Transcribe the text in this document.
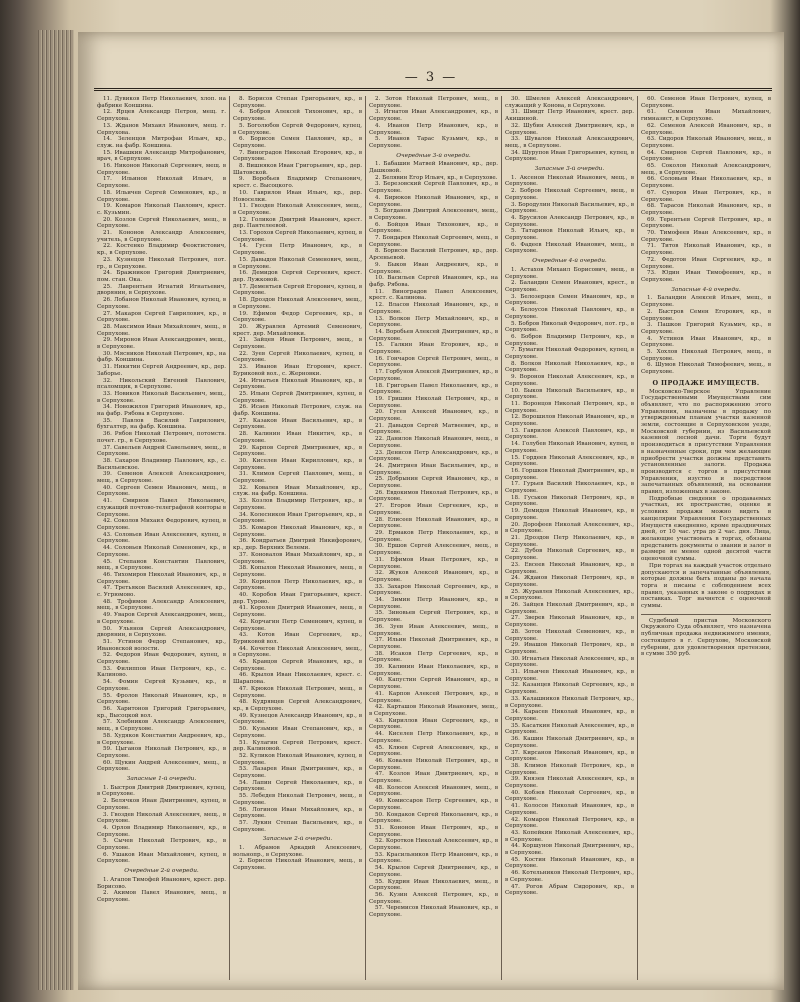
— 3 —
11. Дувиков Петр Николаевич, хлоп. на фабрике Коншина.
12. Ярцев Александр Петров, мещ. г. Серпухова.
13. Жданов Михаил Иванович, мещ. г. Серпухова.
14. Зеленцов Митрофан Ильич, кр., служ. на фабр. Коншина.
15. Ивашкин Александр Митрофанович, врач, в Серпухове.
16. Никонов Николай Сергеевич, мещ. в Серпухове.
17. Ильинов Николай Ильич, в Серпухове.
18. Ильичев Сергей Семенович, кр., в Серпухове.
19. Комаров Николай Павлович, крест. с. Кузьмин.
20. Козлов Сергей Николаевич, мещ., в Серпухове.
21. Кононов Александр Алексеевич, учитель, в Серпухове.
22. Костенко Владимир Феоктистович, кр., в Серпухове.
23. Кузнецов Николай Петрович, пот. гр., в Серпухове.
24. Бражников Григорий Дмитриевич, пом. стан. Ока.
25. Лаврентьев Игнатий Игнатьевич, дворянин, в Серпухове.
26. Лобанов Николай Иванович, купец, в Серпухове.
27. Макаров Сергей Гаврилович, кр., в Серпухове.
28. Максимов Иван Михайлович, мещ., в Серпухове.
29. Миронов Иван Александрович, мещ., в Серпухове.
30. Мясников Николай Петрович, кр., на фабр. Коншина.
31. Никитин Сергей Андреевич, кр., дер. Заборье.
32. Никольский Евгений Павлович, псаломщик, в Серпухове.
33. Новиков Николай Васильевич, мещ., в Серпухове.
34. Новожилов Григорий Иванович, кр., на фабр. Рябова в Серпухове.
35. Павлов Василий Гаврилович, бухгалтер, на фабр. Коншина.
36. Рябов Николай Петрович, потомств. почет. гр., в Серпухове.
37. Савельев Андрей Савельевич, мещ., в Серпухове.
38. Сахаров Владимир Павлович, кр., с. Васильевское.
39. Семенов Алексей Александрович, мещ., в Серпухове.
40. Сергеев Семен Иванович, мещ., в Серпухове.
41. Смирнов Павел Николаевич, служащий почтово-телеграфной конторы в Серпухове.
42. Соколов Михаил Федорович, купец, в Серпухове.
43. Соловьев Иван Алексеевич, купец, в Серпухове.
44. Соловьев Николай Семенович, кр., в Серпухове.
45. Степанов Константин Павлович, мещ., в Серпухове.
46. Тихомиров Николай Иванович, кр., в Серпухове.
47. Третьяков Василий Алексеевич, кр., с. Угрюмово.
48. Трофимов Александр Алексеевич, мещ., в Серпухове.
49. Уваров Сергей Александрович, мещ., в Серпухове.
50. Ульянов Сергей Александрович, дворянин, в Серпухове.
51. Устинов Федор Степанович, кр., Ивановской волости.
52. Федоров Иван Федорович, купец, в Серпухове.
53. Филиппов Иван Петрович, кр., с. Калиново.
54. Фомин Сергей Кузьмич, кр., в Серпухове.
55. Фролов Николай Иванович, кр., в Серпухове.
56. Харитонов Григорий Григорьевич, кр., Высоцкой вол.
57. Хлебников Александр Алексеевич, мещ., в Серпухове.
58. Худяков Константин Андреевич, кр., в Серпухове.
59. Цыганов Николай Петрович, кр., в Серпухове.
60. Щукин Андрей Алексеевич, мещ., в Серпухове.
Запасные 1-й очереди.
1. Быстров Дмитрий Дмитриевич, купец, в Серпухове.
2. Белячков Иван Дмитриевич, купец, в Серпухове.
3. Гвоздев Николай Алексеевич, мещ., в Серпухове.
4. Орлов Владимир Николаевич, кр., в Серпухове.
5. Сычев Николай Петрович, кр., в Серпухове.
6. Ушаков Иван Михайлович, купец, в Серпухове.
Очередные 2-й очереди.
1. Агапов Тимофей Иванович, крест. дер. Борисово.
2. Акимов Павел Иванович, мещ., в Серпухове.
8. Борисов Степан Григорьевич, кр., в Серпухове.
4. Бобров Алексей Тихонович, кр., в Серпухове.
5. Боголюбов Сергей Федорович, купец, в Серпухове.
6. Борисов Семен Павлович, кр., в Серпухове.
7. Виноградов Николай Егорович, кр., в Серпухове.
8. Вишняков Иван Григорьевич, кр., дер. Шатовской.
9. Воробьев Владимир Степанович, крест. с. Высоцкого.
10. Гаврилов Иван Ильич, кр., дер. Новоселки.
11. Гвоздев Николай Алексеевич, мещ., в Серпухове.
12. Голиков Дмитрий Иванович, крест. дер. Пантелеевой.
13. Горохов Сергей Николаевич, купец, в Серпухове.
14. Гусев Петр Иванович, кр., в Серпухове.
15. Давыдов Николай Семенович, мещ., в Серпухове.
16. Демидов Сергей Сергеевич, крест. дер. Лужковой.
17. Дементьев Сергей Егорович, купец, в Серпухове.
18. Дроздов Николай Алексеевич, мещ., в Серпухове.
19. Ефимов Федор Сергеевич, кр., в Серпухове.
20. Журавлев Артемий Семенович, крест. дер. Михайловки.
21. Зайцев Иван Петрович, мещ., в Серпухове.
22. Зуев Сергей Николаевич, купец, в Серпухове.
23. Иванов Иван Егорович, крест. Буриковой вол., с. Жерновки.
24. Игнатьев Николай Иванович, кр., в Серпухове.
25. Ильин Сергей Дмитриевич, купец, в Серпухове.
26. Исаев Николай Петрович, служ. на фабр. Коншина.
27. Казаков Иван Васильевич, кр., в Серпухове.
28. Калинин Иван Никитич, кр., в Серпухове.
29. Карпов Сергей Дмитриевич, кр., в Серпухове.
30. Киселев Иван Кириллович, кр., в Серпухове.
31. Климов Сергей Павлович, мещ., в Серпухове.
32. Ковалев Иван Михайлович, кр., служ. на фабр. Коншина.
33. Козлов Владимир Петрович, кр., в Серпухове.
34. Колесников Иван Григорьевич, кр., в Серпухове.
35. Комаров Николай Иванович, кр., в Серпухове.
36. Кондратьев Дмитрий Никифорович, кр., дер. Верхних Велеми.
37. Коновалов Иван Михайлович, кр., в Серпухове.
38. Копылов Николай Иванович, мещ., в Серпухове.
39. Корнилов Петр Николаевич, кр., в Серпухове.
40. Коробов Иван Григорьевич, крест. дер. Турово.
41. Королев Дмитрий Иванович, мещ., в Серпухове.
42. Корчагин Петр Семенович, купец, в Серпухове.
43. Котов Иван Сергеевич, кр., Буриковой вол.
44. Кочетов Николай Алексеевич, мещ., в Серпухове.
45. Кравцов Сергей Иванович, кр., в Серпухове.
46. Крылов Иван Николаевич, крест. с. Шарапова.
47. Крюков Николай Петрович, мещ., в Серпухове.
48. Кудрявцев Сергей Александрович, кр., в Серпухове.
49. Кузнецов Александр Иванович, кр., в Серпухове.
50. Кузьмин Иван Степанович, кр., в Серпухове.
51. Кулагин Сергей Петрович, крест. дер. Калиновой.
52. Куликов Николай Иванович, купец, в Серпухове.
53. Лазарев Иван Дмитриевич, кр., в Серпухове.
54. Лапин Сергей Николаевич, кр., в Серпухове.
55. Лебедев Николай Петрович, мещ., в Серпухове.
56. Логинов Иван Михайлович, кр., в Серпухове.
57. Лукин Степан Васильевич, кр., в Серпухове.
Запасные 2-й очереди.
1. Абрамов Аркадий Алексеевич, вольнопр., в Серпухове.
2. Борисов Николай Иванович, мещ., в Серпухове.
2. Зотов Николай Петрович, мещ., в Серпухове.
3. Игнатов Иван Александрович, кр., в Серпухове.
4. Иванов Петр Иванович, кр., в Серпухове.
5. Иванов Тарас Кузьмич, кр., в Серпухове.
Очередные 3-й очереди.
1. Бабашин Матвей Иванович, кр., дер. Дашковой.
2. Белявин Егор Ильич, кр., в Серпухове.
3. Березовский Сергей Павлович, кр., в Серпухове.
4. Бирюков Николай Иванович, кр., в Серпухове.
5. Богданов Дмитрий Алексеевич, мещ., в Серпухове.
6. Бойцов Иван Тихонович, кр., в Серпухове.
7. Бондарев Николай Сергеевич, мещ., в Серпухове.
8. Борисов Василий Петрович, кр., дер. Арсеньевой.
9. Быков Иван Андреевич, кр., в Серпухове.
10. Васильев Сергей Иванович, кр., на фабр. Рябова.
11. Виноградов Павел Алексеевич, крест. с. Калинова.
12. Власов Николай Иванович, кр., в Серпухове.
13. Волков Петр Михайлович, кр., в Серпухове.
14. Воробьев Алексей Дмитриевич, кр., в Серпухове.
15. Галкин Иван Егорович, кр., в Серпухове.
16. Гончаров Сергей Петрович, мещ., в Серпухове.
17. Горбунов Алексей Дмитриевич, кр., в Серпухове.
18. Григорьев Павел Николаевич, кр., в Серпухове.
19. Гришин Николай Петрович, кр., в Серпухове.
20. Гусев Алексей Иванович, кр., в Серпухове.
21. Давыдов Сергей Матвеевич, кр., в Серпухове.
22. Данилов Николай Иванович, мещ., в Серпухове.
23. Денисов Петр Александрович, кр., в Серпухове.
24. Дмитриев Иван Васильевич, кр., в Серпухове.
25. Добрынин Сергей Иванович, кр., в Серпухове.
26. Евдокимов Николай Петрович, кр., в Серпухове.
27. Егоров Иван Сергеевич, кр., в Серпухове.
28. Елисеев Николай Иванович, кр., в Серпухове.
29. Ермаков Петр Николаевич, кр., в Серпухове.
30. Ершов Сергей Алексеевич, мещ., в Серпухове.
31. Ефимов Иван Петрович, кр., в Серпухове.
32. Жуков Алексей Иванович, кр., в Серпухове.
33. Захаров Николай Сергеевич, кр., в Серпухове.
34. Зимин Петр Иванович, кр., в Серпухове.
35. Зиновьев Сергей Петрович, кр., в Серпухове.
36. Зуев Иван Алексеевич, мещ., в Серпухове.
37. Ильин Николай Дмитриевич, кр., в Серпухове.
38. Исаков Петр Сергеевич, кр., в Серпухове.
39. Калинин Иван Николаевич, кр., в Серпухове.
40. Капустин Сергей Иванович, кр., в Серпухове.
41. Карпов Алексей Петрович, кр., в Серпухове.
42. Карташов Николай Иванович, мещ., в Серпухове.
43. Кириллов Иван Сергеевич, кр., в Серпухове.
44. Киселев Петр Николаевич, кр., в Серпухове.
45. Клюев Сергей Алексеевич, кр., в Серпухове.
46. Ковалев Николай Петрович, кр., в Серпухове.
47. Козлов Иван Дмитриевич, кр., в Серпухове.
48. Колесов Алексей Иванович, мещ., в Серпухове.
49. Комиссаров Петр Сергеевич, кр., в Серпухове.
50. Кондаков Сергей Николаевич, кр., в Серпухове.
51. Кононов Иван Петрович, кр., в Серпухове.
52. Коротков Николай Алексеевич, кр., в Серпухове.
53. Красильников Петр Иванович, кр., в Серпухове.
54. Крылов Сергей Дмитриевич, кр., в Серпухове.
55. Кудрин Иван Николаевич, мещ., в Серпухове.
56. Кузин Алексей Петрович, кр., в Серпухове.
57. Черемисов Николай Иванович, кр., в Серпухове.
30. Шмелев Алексей Александрович, служащий у Конова, в Серпухове.
31. Шмидт Петр Иванович, крест. дер. Акишиной.
32. Шубин Алексей Дмитриевич, кр., в Серпухове.
33. Шувалов Николай Александрович, мещ., в Серпухове.
34. Шурупов Иван Григорьевич, купец, в Серпухове.
Запасные 3-й очереди.
1. Аксенов Николай Иванович, мещ., в Серпухове.
2. Бобров Николай Сергеевич, мещ., в Серпухове.
3. Бородулин Николай Васильевич, кр., в Серпухове.
4. Брусилов Александр Петрович, кр., в Серпухове.
5. Татаринов Николай Ильич, кр., в Серпухове.
6. Фадеев Николай Иванович, мещ., в Серпухове.
Очередные 4-й очереди.
1. Астахов Михаил Борисович, мещ., в Серпухове.
2. Баландин Семен Иванович, крест., в Серпухове.
3. Белозерцев Семен Иванович, кр., в Серпухове.
4. Белоусов Николай Павлович, кр., в Серпухове.
5. Бобров Николай Федорович, пот. гр., в Серпухове.
6. Бобров Владимир Петрович, кр., в Серпухове.
7. Бумагин Николай Федорович, купец, в Серпухове.
8. Волков Николай Николаевич, кр., в Серпухове.
9. Воронов Николай Алексеевич, кр., в Серпухове.
10. Быков Николай Васильевич, кр., в Серпухове.
11. Воронцов Николай Петрович, кр., в Серпухове.
12. Ворошилов Николай Иванович, кр., в Серпухове.
13. Гаврилов Алексей Павлович, кр., в Серпухове.
14. Голубев Николай Иванович, купец, в Серпухове.
15. Гордеев Николай Алексеевич, кр., в Серпухове.
16. Горшков Николай Дмитриевич, кр., в Серпухове.
17. Гурьев Василий Николаевич, кр., в Серпухове.
18. Гуськов Николай Петрович, кр., в Серпухове.
19. Демидов Николай Иванович, кр., в Серпухове.
20. Дорофеев Николай Алексеевич, кр., в Серпухове.
21. Дроздов Петр Николаевич, кр., в Серпухове.
22. Дубов Николай Сергеевич, кр., в Серпухове.
23. Евсеев Николай Иванович, кр., в Серпухове.
24. Жданов Николай Петрович, кр., в Серпухове.
25. Журавлев Николай Алексеевич, кр., в Серпухове.
26. Зайцев Николай Дмитриевич, кр., в Серпухове.
27. Зверев Николай Иванович, кр., в Серпухове.
28. Зотов Николай Семенович, кр., в Серпухове.
29. Ивашов Николай Петрович, кр., в Серпухове.
30. Игнатьев Николай Алексеевич, кр., в Серпухове.
31. Ильичев Николай Иванович, кр., в Серпухове.
32. Казанцев Николай Сергеевич, кр., в Серпухове.
33. Калашников Николай Петрович, кр., в Серпухове.
34. Карасев Николай Иванович, кр., в Серпухове.
35. Касаткин Николай Алексеевич, кр., в Серпухове.
36. Кашин Николай Дмитриевич, кр., в Серпухове.
37. Кирсанов Николай Иванович, кр., в Серпухове.
38. Климов Николай Петрович, кр., в Серпухове.
39. Князев Николай Алексеевич, кр., в Серпухове.
40. Кобзев Николай Сергеевич, кр., в Серпухове.
41. Колосов Николай Иванович, кр., в Серпухове.
42. Комаров Николай Петрович, кр., в Серпухове.
43. Копейкин Николай Алексеевич, кр., в Серпухове.
44. Коршунов Николай Дмитриевич, кр., в Серпухове.
45. Костин Николай Иванович, кр., в Серпухове.
46. Котельников Николай Петрович, кр., в Серпухове.
47. Рогов Абрам Сидорович, кр., в Серпухове.
60. Семенов Иван Петрович, купец, в Серпухове.
61. Семенов Иван Михайлович, гимназист, в Серпухове.
62. Семенов Алексей Иванович, кр., в Серпухове.
63. Сидоров Николай Иванович, мещ., в Серпухове.
64. Смирнов Сергей Павлович, кр., в Серпухове.
65. Соколов Николай Александрович, мещ., в Серпухове.
66. Соловьев Иван Николаевич, кр., в Серпухове.
67. Суворов Иван Петрович, кр., в Серпухове.
68. Тарасов Николай Иванович, кр., в Серпухове.
69. Терентьев Сергей Петрович, кр., в Серпухове.
70. Тимофеев Иван Алексеевич, кр., в Серпухове.
71. Титов Николай Иванович, кр., в Серпухове.
72. Федотов Иван Сергеевич, кр., в Серпухове.
73. Юдин Иван Тимофеевич, кр., в Серпухове.
Запасные 4-й очереди.
1. Баландин Алексей Ильич, мещ., в Серпухове.
2. Быстров Семен Егорович, кр., в Серпухове.
3. Пашков Григорий Кузьмич, кр., в Серпухове.
4. Устинов Иван Иванович, кр., в Серпухове.
5. Хохлов Николай Петрович, мещ., в Серпухове.
6. Шумов Николай Тимофеевич, мещ., в Серпухове.
О ПРОДАЖЕ ИМУЩЕСТВ.
Московско-Тверское Управление Государственными Имуществами сим объявляет, что по распоряжению этого Управления, назначены в продажу по утвержденным планам участки казенной земли, состоящие в Серпуховском уезде, Московской губернии, из Васильевской казенной лесной дачи. Торги будут производиться в присутствии Управления в назначенные сроки, при чем желающие приобрести участки должны представить установленные залоги. Продажа производится с торгов в присутствии Управления, изустно и посредством запечатанных объявлений, на основании правил, изложенных в законе.
Подробные сведения о продаваемых участках, их пространстве, оценке и условиях продажи можно видеть в канцелярии Управления Государственных Имуществ ежедневно, кроме праздничных дней, от 10 час. утра до 2 час. дня. Лица, желающие участвовать в торгах, обязаны представить документы о звании и залог в размере не менее одной десятой части оценочной суммы.
При торгах на каждый участок отдельно допускаются и запечатанные объявления, которые должны быть поданы до начала торга и писаны с соблюдением всех правил, указанных в законе о подрядах и поставках. Торг начнется с оценочной суммы.
Судебный пристав Московского Окружного Суда объявляет, что назначена публичная продажа недвижимого имения, состоящего в г. Серпухове, Московской губернии, для удовлетворения претензии, в сумме 350 руб.
